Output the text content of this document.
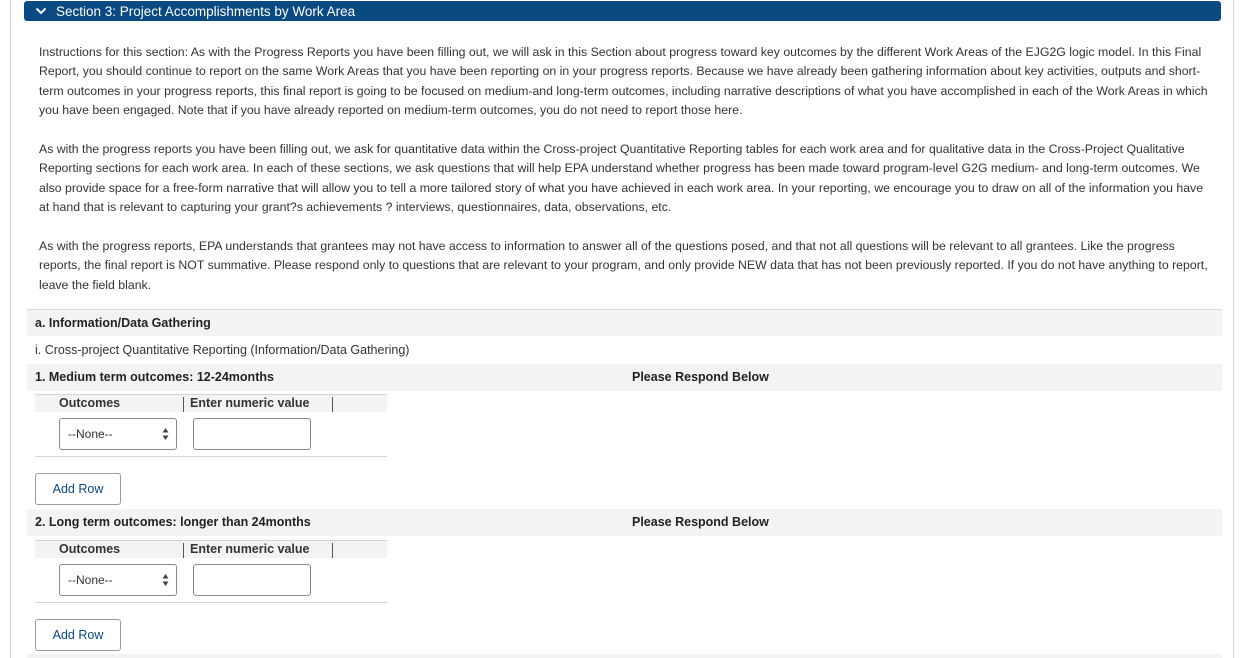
Section 3: Project Accomplishments by Work Area

Instructions for this section: As with the Progress Reports you have been filling out, we will ask in this Section about progress toward key outcomes by the different Work Areas of the EJG2G logic model. In this Final Report, you should continue to report on the same Work Areas that you have been reporting on in your progress reports. Because we have already been gathering information about key activities, outputs and short-term outcomes in your progress reports, this final report is going to be focused on medium-and long-term outcomes, including narrative descriptions of what you have accomplished in each of the Work Areas in which you have been engaged. Note that if you have already reported on medium-term outcomes, you do not need to report those here.

As with the progress reports you have been filling out, we ask for quantitative data within the Cross-project Quantitative Reporting tables for each work area and for qualitative data in the Cross-Project Qualitative Reporting sections for each work area. In each of these sections, we ask questions that will help EPA understand whether progress has been made toward program-level G2G medium- and long-term outcomes. We also provide space for a free-form narrative that will allow you to tell a more tailored story of what you have achieved in each work area. In your reporting, we encourage you to draw on all of the information you have at hand that is relevant to capturing your grant?s achievements ? interviews, questionnaires, data, observations, etc.

As with the progress reports, EPA understands that grantees may not have access to information to answer all of the questions posed, and that not all questions will be relevant to all grantees. Like the progress reports, the final report is NOT summative. Please respond only to questions that are relevant to your program, and only provide NEW data that has not been previously reported. If you do not have anything to report, leave the field blank.

a. Information/Data Gathering
i. Cross-project Quantitative Reporting (Information/Data Gathering)
1. Medium term outcomes: 12-24months	Please Respond Below
Outcomes	Enter numeric value
--None--
Add Row
2. Long term outcomes: longer than 24months	Please Respond Below
Outcomes	Enter numeric value
--None--
Add Row
